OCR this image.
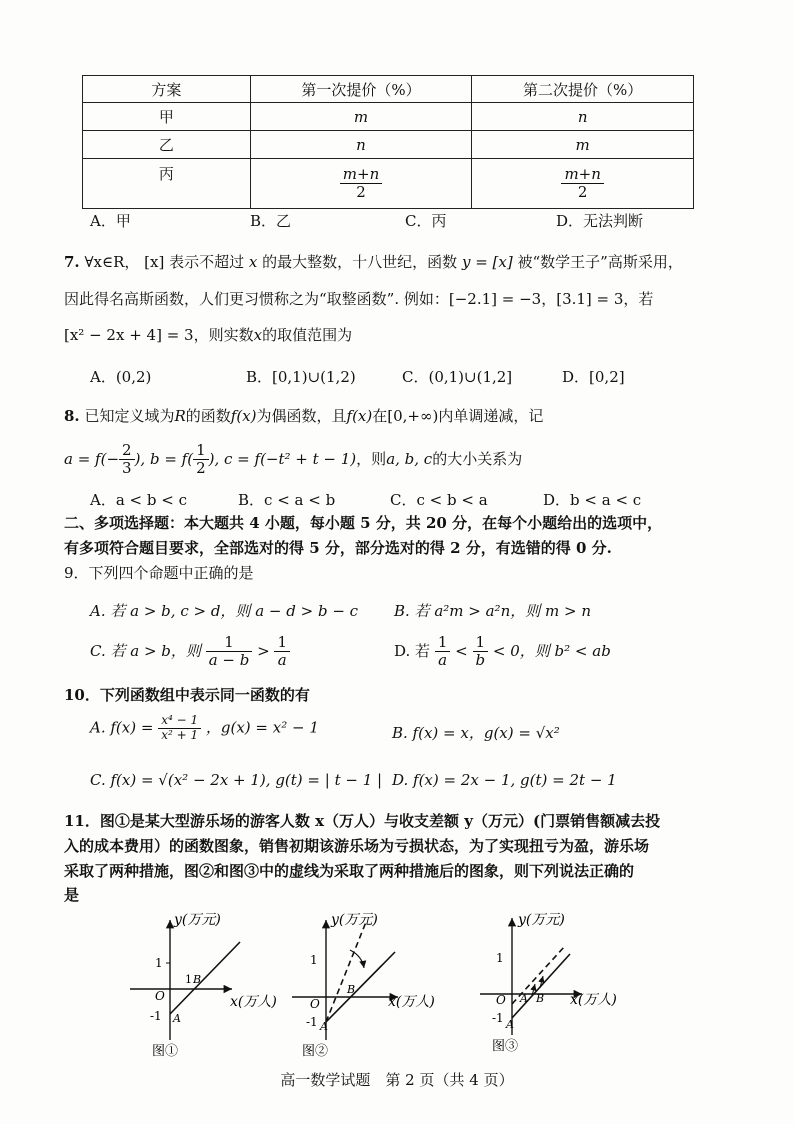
方案	第一次提价（%）	第二次提价（%）
甲	m	n
乙	n	m
丙	$\frac{m+n}{2}$	$\frac{m+n}{2}$
A．甲	B．乙	C．丙	D．无法判断
7. ∀x∈R， [x] 表示不超过 x 的最大整数，十八世纪，函数 y = [x] 被“数学王子”高斯采用，
因此得名高斯函数，人们更习惯称之为“取整函数”. 例如：[−2.1] = −3，[3.1] = 3，若
[x² − 2x + 4] = 3，则实数x的取值范围为
A．(0,2)	B．[0,1)∪(1,2)	C．(0,1)∪(1,2]	D．[0,2]
8. 已知定义域为R的函数f(x)为偶函数，且f(x)在[0,+∞)内单调递减，记
$a = f(- \frac{2}{3}$ ), $b = f( \frac{1}{2}$ ), c = f(−t² + t − 1)，则a, b, c的大小关系为
A．a < b < c	B．c < a < b	C．c < b < a	D．b < a < c
二、多项选择题：本大题共 4 小题，每小题 5 分，共 20 分，在每个小题给出的选项中，
有多项符合题目要求，全部选对的得 5 分，部分选对的得 2 分，有选错的得 0 分.
9．下列四个命题中正确的是
A. 若 a > b, c > d，则 a − d > b − c B. 若 a²m > a²n，则 m > n
C. 若 a > b，则 $\frac{1}{a - b} > \frac{1}{a}$	D. 若 $\frac{1}{a} < \frac{1}{b} < 0$，则 b² < ab
10．下列函数组中表示同一函数的有
A. $f(x) = \frac{\text{x⁴ − 1}}{\text{x² + 1}}$ ，g(x) = x² − 1	B. f(x) = x，g(x) = √x²
C. f(x) = √(x² − 2x + 1), g(t) = | t − 1 | D. f(x) = 2x − 1, g(t) = 2t − 1
11．图①是某大型游乐场的游客人数 x（万人）与收支差额 y（万元）(门票销售额减去投
入的成本费用）的函数图象，销售初期该游乐场为亏损状态，为了实现扭亏为盈，游乐场
采取了两种措施，图②和图③中的虚线为采取了两种措施后的图象，则下列说法正确的
是
y(万元)
x(万人)
O
1
-1 A
1 B
图①
y(万元)
x(万人)
O
1
-1 A
B
图②
y(万元)
x(万人)
O
1
-1 A
A B
图③
高一数学试题　第 2 页（共 4 页）
